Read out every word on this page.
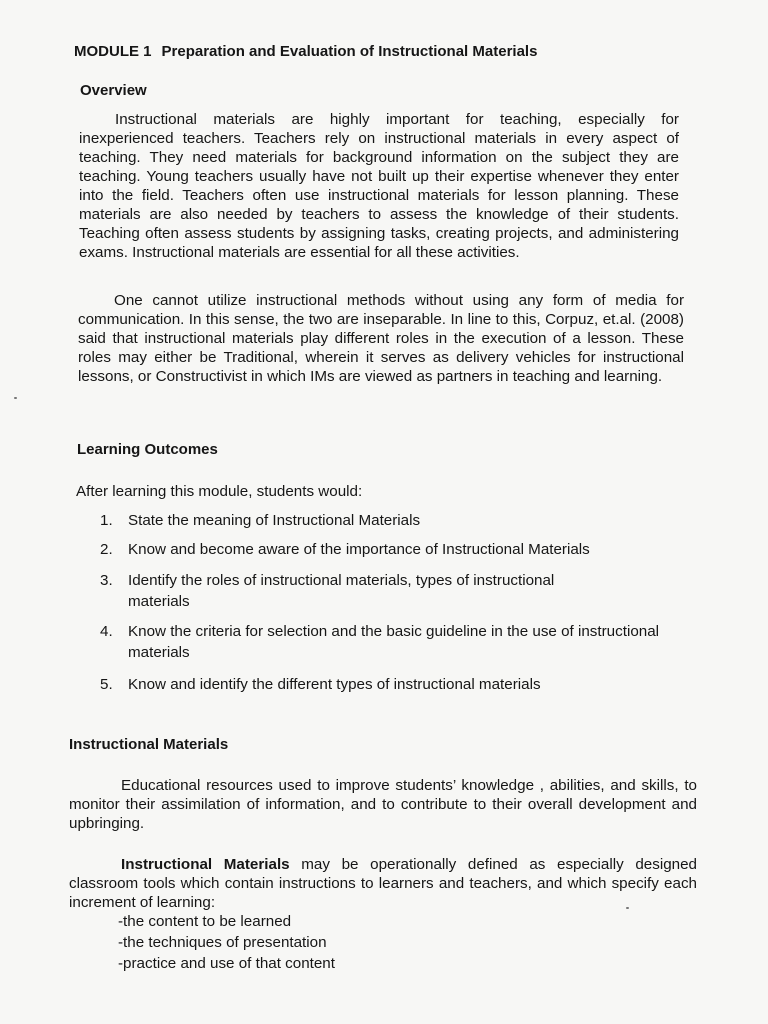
MODULE 1 Preparation and Evaluation of Instructional Materials
Overview
Instructional materials are highly important for teaching, especially for inexperienced teachers. Teachers rely on instructional materials in every aspect of teaching. They need materials for background information on the subject they are teaching. Young teachers usually have not built up their expertise whenever they enter into the field. Teachers often use instructional materials for lesson planning. These materials are also needed by teachers to assess the knowledge of their students. Teaching often assess students by assigning tasks, creating projects, and administering exams. Instructional materials are essential for all these activities.
One cannot utilize instructional methods without using any form of media for communication. In this sense, the two are inseparable. In line to this, Corpuz, et.al. (2008) said that instructional materials play different roles in the execution of a lesson. These roles may either be Traditional, wherein it serves as delivery vehicles for instructional lessons, or Constructivist in which IMs are viewed as partners in teaching and learning.
Learning Outcomes
After learning this module, students would:
1.	State the meaning of Instructional Materials
2.	Know and become aware of the importance of Instructional Materials
3.	Identify the roles of instructional materials, types of instructional materials
4.	Know the criteria for selection and the basic guideline in the use of instructional materials
5.	Know and identify the different types of instructional materials
Instructional Materials
Educational resources used to improve students’ knowledge , abilities, and skills, to monitor their assimilation of information, and to contribute to their overall development and upbringing.
Instructional Materials may be operationally defined as especially designed classroom tools which contain instructions to learners and teachers, and which specify each increment of learning:
-the content to be learned
-the techniques of presentation
-practice and use of that content
